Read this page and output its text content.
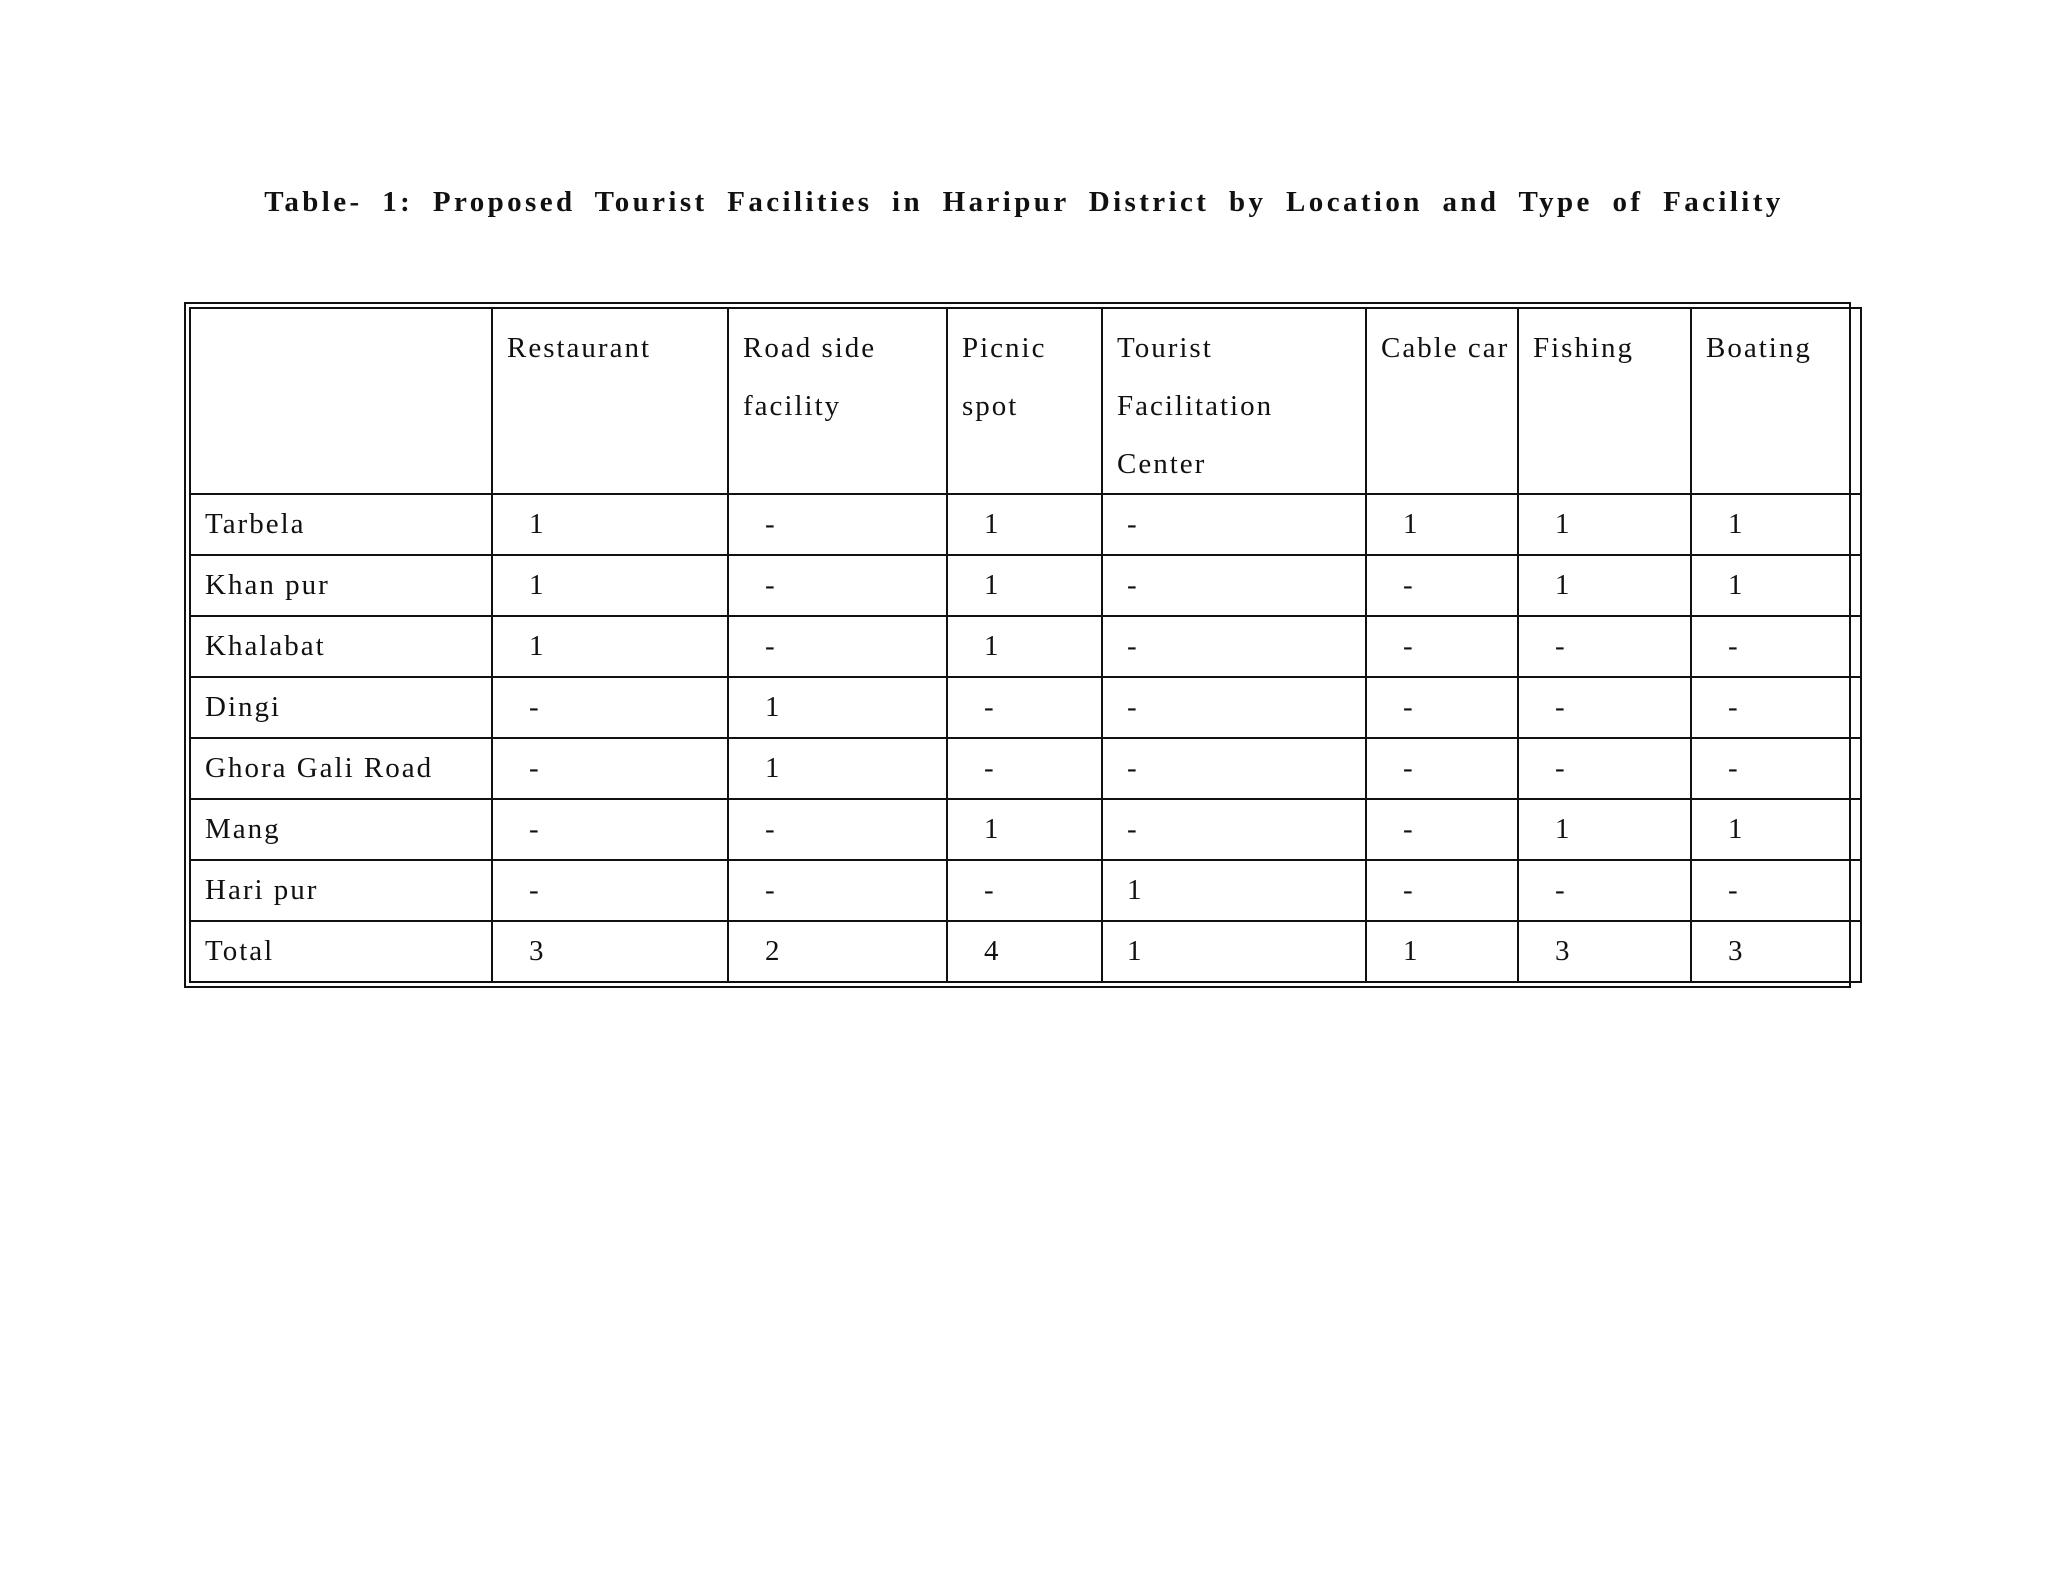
Table- 1: Proposed Tourist Facilities in Haripur District by Location and Type of Facility
	Restaurant	Road side facility	Picnic spot	Tourist Facilitation Center	Cable car	Fishing	Boating
Tarbela	1	-	1	-	1	1	1
Khan pur	1	-	1	-	-	1	1
Khalabat	1	-	1	-	-	-	-
Dingi	-	1	-	-	-	-	-
Ghora Gali Road	-	1	-	-	-	-	-
Mang	-	-	1	-	-	1	1
Hari pur	-	-	-	1	-	-	-
Total	3	2	4	1	1	3	3
